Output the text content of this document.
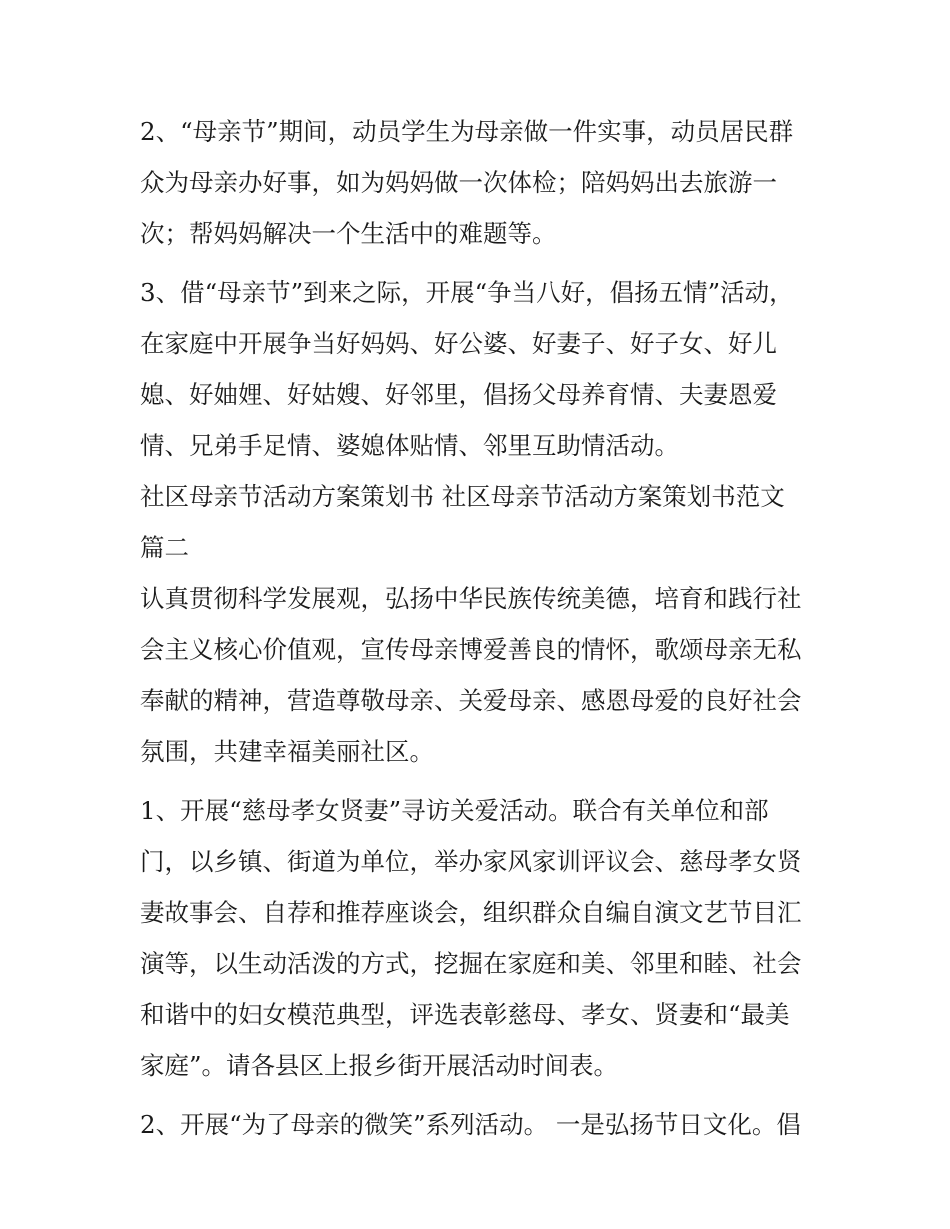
2、“母亲节”期间，动员学生为母亲做一件实事，动员居民群
众为母亲办好事，如为妈妈做一次体检；陪妈妈出去旅游一
次；帮妈妈解决一个生活中的难题等。
3、借“母亲节”到来之际，开展“争当八好，倡扬五情”活动，
在家庭中开展争当好妈妈、好公婆、好妻子、好子女、好儿
媳、好妯娌、好姑嫂、好邻里，倡扬父母养育情、夫妻恩爱
情、兄弟手足情、婆媳体贴情、邻里互助情活动。
社区母亲节活动方案策划书 社区母亲节活动方案策划书范文
篇二
认真贯彻科学发展观，弘扬中华民族传统美德，培育和践行社
会主义核心价值观，宣传母亲博爱善良的情怀，歌颂母亲无私
奉献的精神，营造尊敬母亲、关爱母亲、感恩母爱的良好社会
氛围，共建幸福美丽社区。
1、开展“慈母孝女贤妻”寻访关爱活动。联合有关单位和部
门，以乡镇、街道为单位，举办家风家训评议会、慈母孝女贤
妻故事会、自荐和推荐座谈会，组织群众自编自演文艺节目汇
演等，以生动活泼的方式，挖掘在家庭和美、邻里和睦、社会
和谐中的妇女模范典型，评选表彰慈母、孝女、贤妻和“最美
家庭”。请各县区上报乡街开展活动时间表。
2、开展“为了母亲的微笑”系列活动。 一是弘扬节日文化。倡
